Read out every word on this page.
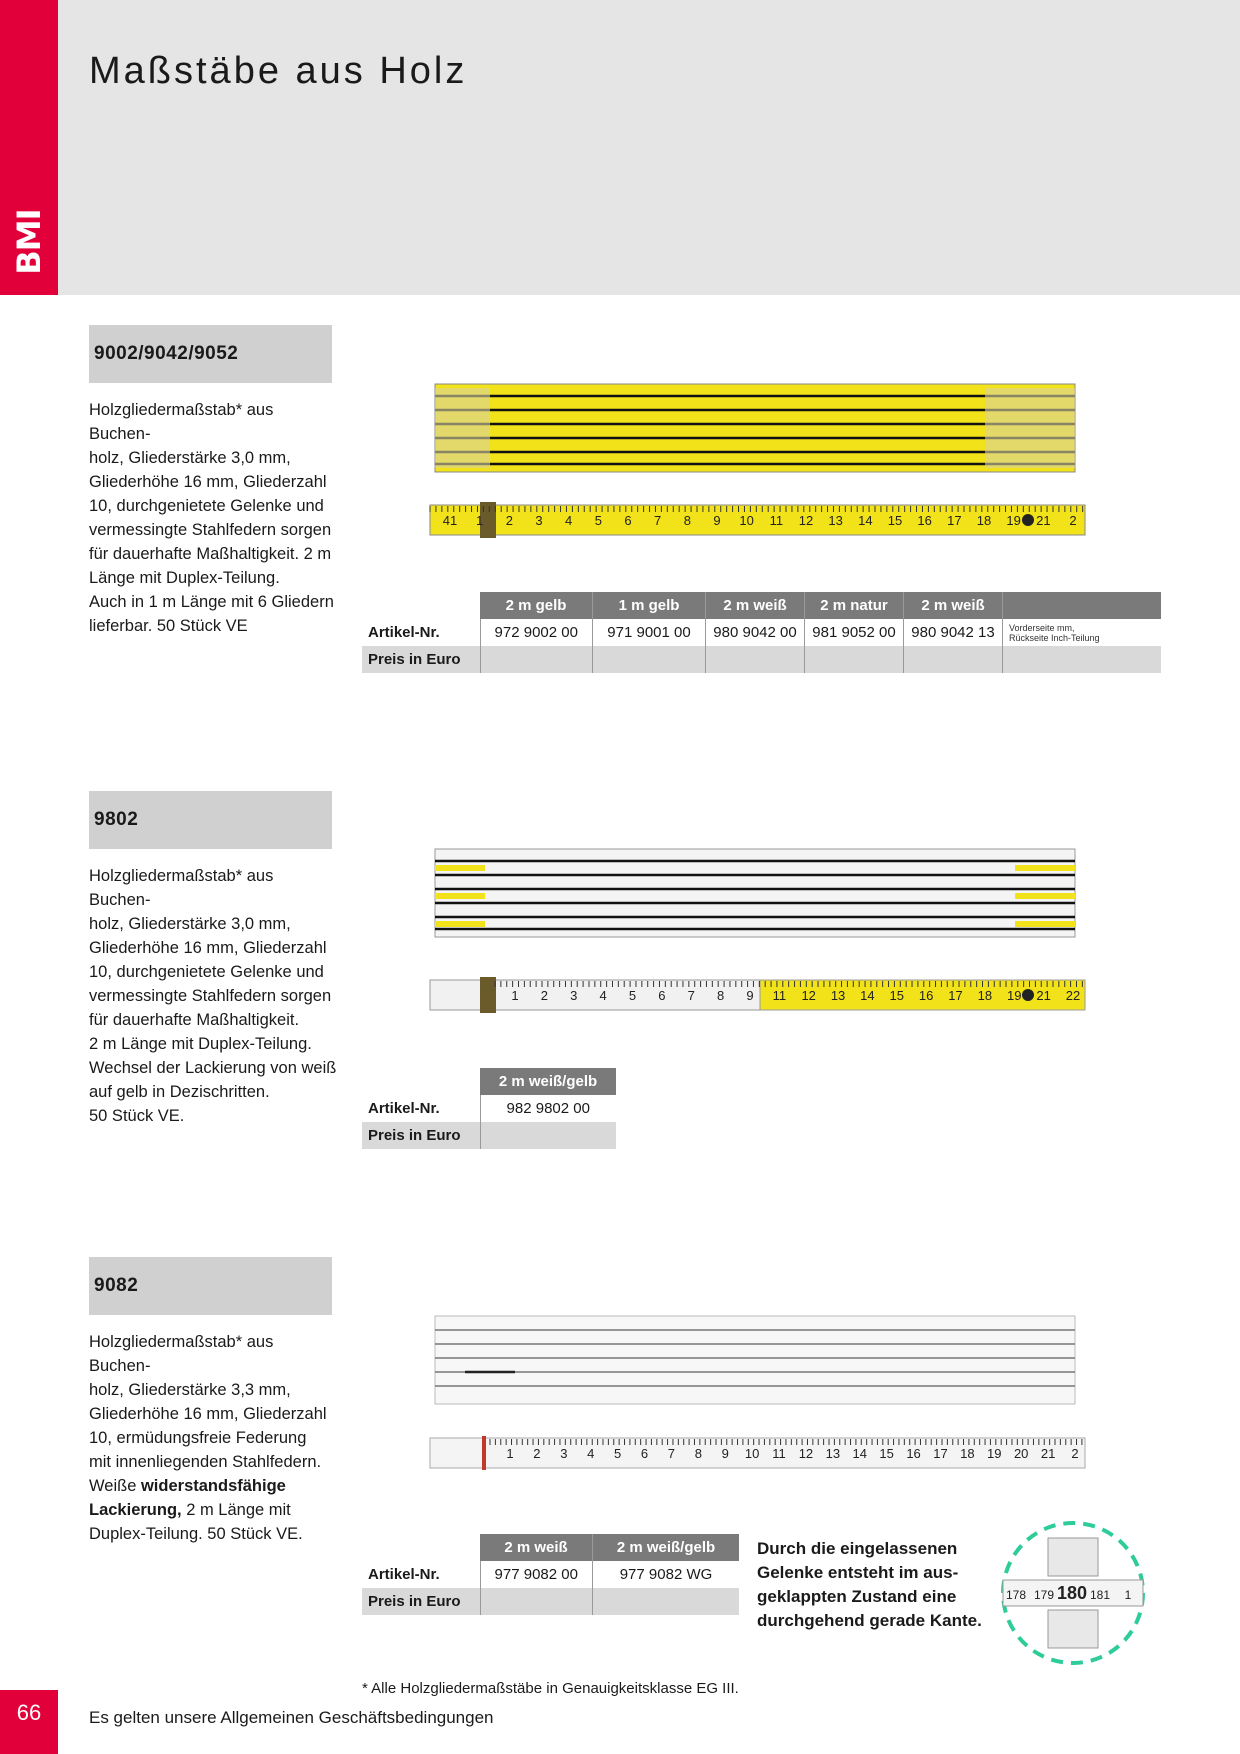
BMI
Maßstäbe aus Holz
9002/9042/9052

Holzgliedermaßstab* aus Buchen-

holz, Gliederstärke 3,0 mm,

Gliederhöhe 16 mm, Gliederzahl

10, durchgenietete Gelenke und

vermessingte Stahlfedern sorgen

für dauerhafte Maßhaltigkeit. 2 m

Länge mit Duplex-Teilung.

Auch in 1 m Länge mit 6 Gliedern

lieferbar. 50 Stück VE

41 1 2 3 4 5 6 7 8 9 10 11 12 13 14 15 16 17 18 19 21 2
	2 m gelb	1 m gelb	2 m weiß	2 m natur	2 m weiß	
Artikel-Nr.	972 9002 00	971 9001 00	980 9042 00	981 9052 00	980 9042 13	Vorderseite mm,
Rückseite Inch-Teilung

Preis in Euro						
9802

Holzgliedermaßstab* aus Buchen-

holz, Gliederstärke 3,0 mm,

Gliederhöhe 16 mm, Gliederzahl

10, durchgenietete Gelenke und

vermessingte Stahlfedern sorgen

für dauerhafte Maßhaltigkeit.

2 m Länge mit Duplex-Teilung.

Wechsel der Lackierung von weiß

auf gelb in Dezischritten.

50 Stück VE.

1 2 3 4 5 6 7 8 9 11 12 13 14 15 16 17 18 19 21 22
	2 m weiß/gelb
Artikel-Nr.	982 9802 00
Preis in Euro	
9082

Holzgliedermaßstab* aus Buchen-

holz, Gliederstärke 3,3 mm,

Gliederhöhe 16 mm, Gliederzahl

10, ermüdungsfreie Federung

mit innenliegenden Stahlfedern.

Weiße widerstandsfähige

Lackierung, 2 m Länge mit

Duplex-Teilung. 50 Stück VE.

1 2 3 4 5 6 7 8 9 10 11 12 13 14 15 16 17 18 19 20 21 2
	2 m weiß	2 m weiß/gelb
Artikel-Nr.	977 9082 00	977 9082 WG
Preis in Euro		
Durch die eingelassenen
Gelenke entsteht im aus-
geklappten Zustand eine
durchgehend gerade Kante.
178 179 180 181 1
* Alle Holzgliedermaßstäbe in Genauigkeitsklasse EG III.
66	Es gelten unsere Allgemeinen Geschäftsbedingungen
